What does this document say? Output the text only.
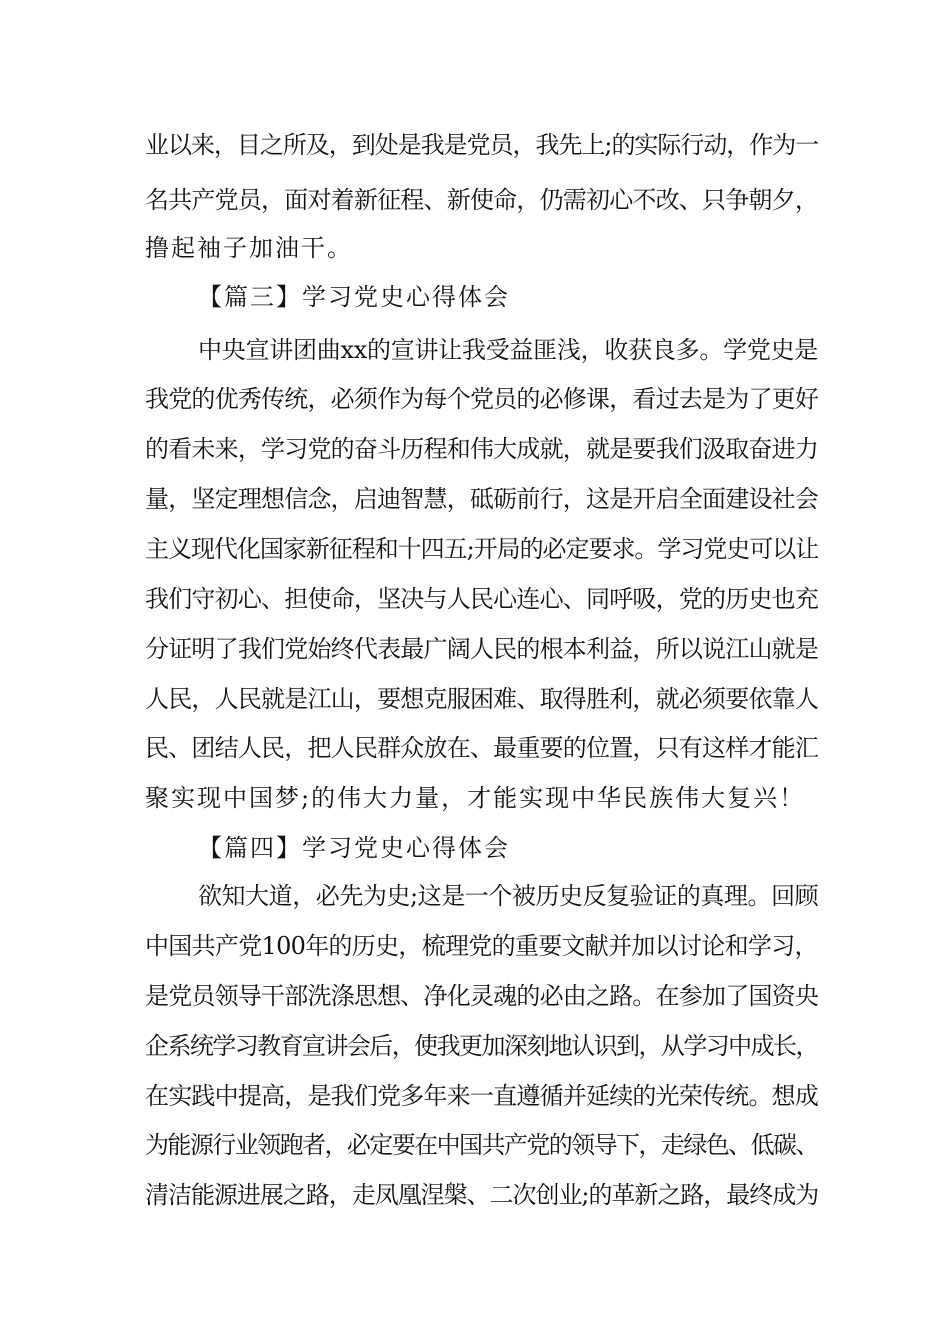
业以来，目之所及，到处是我是党员，我先上;的实际行动，作为一
名共产党员，面对着新征程、新使命，仍需初心不改、只争朝夕，
撸起袖子加油干。
【篇三】学习党史心得体会
中央宣讲团曲xx的宣讲让我受益匪浅，收获良多。学党史是
我党的优秀传统，必须作为每个党员的必修课，看过去是为了更好
的看未来，学习党的奋斗历程和伟大成就，就是要我们汲取奋进力
量，坚定理想信念，启迪智慧，砥砺前行，这是开启全面建设社会
主义现代化国家新征程和十四五;开局的必定要求。学习党史可以让
我们守初心、担使命，坚决与人民心连心、同呼吸，党的历史也充
分证明了我们党始终代表最广阔人民的根本利益，所以说江山就是
人民，人民就是江山，要想克服困难、取得胜利，就必须要依靠人
民、团结人民，把人民群众放在、最重要的位置，只有这样才能汇
聚实现中国梦;的伟大力量，才能实现中华民族伟大复兴！
【篇四】学习党史心得体会
欲知大道，必先为史;这是一个被历史反复验证的真理。回顾
中国共产党100年的历史，梳理党的重要文献并加以讨论和学习，
是党员领导干部洗涤思想、净化灵魂的必由之路。在参加了国资央
企系统学习教育宣讲会后，使我更加深刻地认识到，从学习中成长，
在实践中提高，是我们党多年来一直遵循并延续的光荣传统。想成
为能源行业领跑者，必定要在中国共产党的领导下，走绿色、低碳、
清洁能源进展之路，走凤凰涅槃、二次创业;的革新之路，最终成为
